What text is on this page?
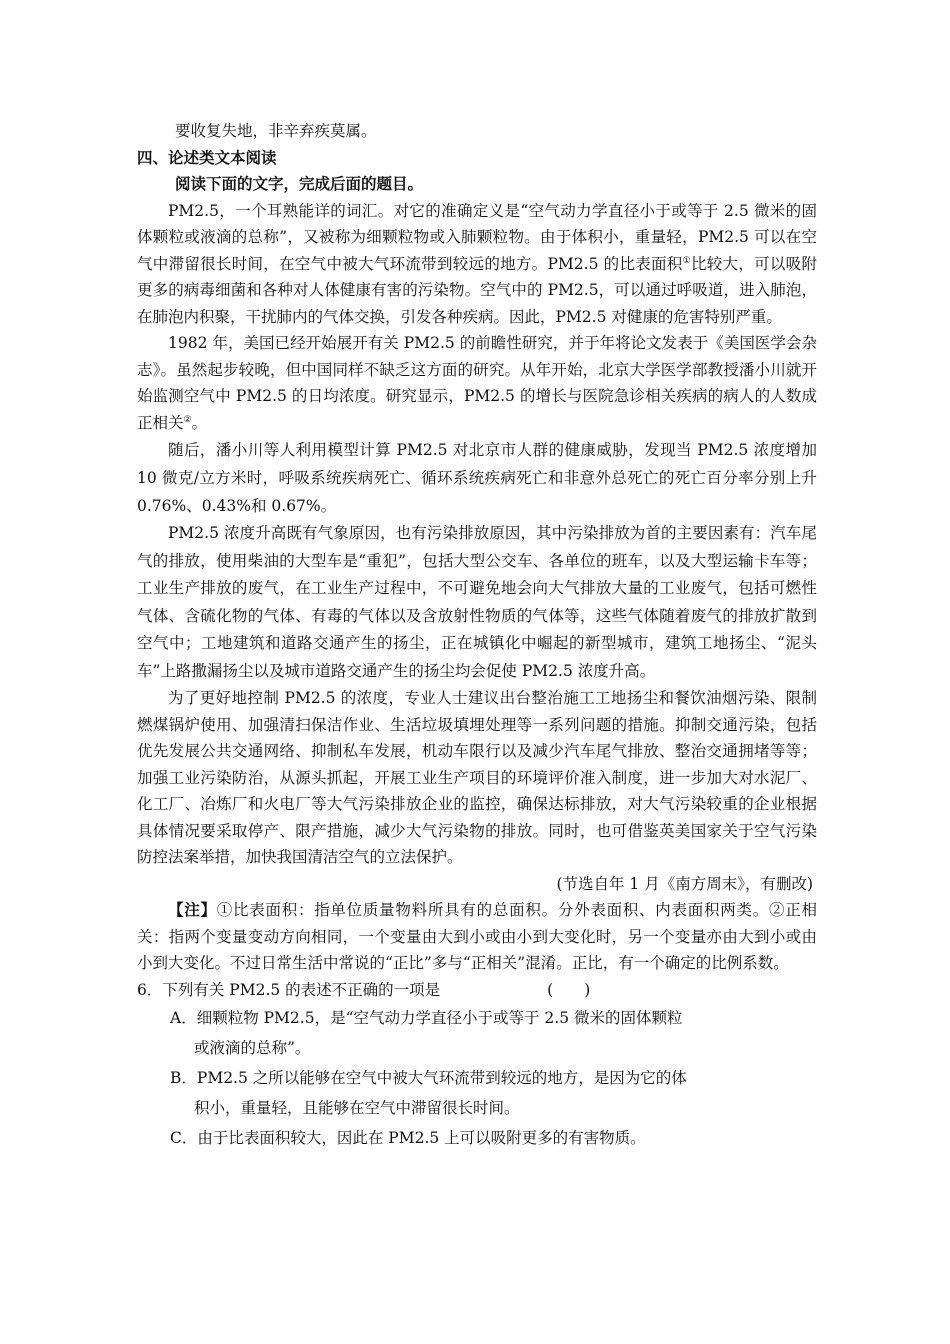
要收复失地，非辛弃疾莫属。

四、论述类文本阅读

阅读下面的文字，完成后面的题目。

PM2.5，一个耳熟能详的词汇。对它的准确定义是“空气动力学直径小于或等于 2.5 微米的固体颗粒或液滴的总称”，又被称为细颗粒物或入肺颗粒物。由于体积小，重量轻，PM2.5 可以在空气中滞留很长时间，在空气中被大气环流带到较远的地方。PM2.5 的比表面积①比较大，可以吸附更多的病毒细菌和各种对人体健康有害的污染物。空气中的 PM2.5，可以通过呼吸道，进入肺泡，在肺泡内积聚，干扰肺内的气体交换，引发各种疾病。因此，PM2.5 对健康的危害特别严重。

1982 年，美国已经开始展开有关 PM2.5 的前瞻性研究，并于年将论文发表于《美国医学会杂志》。虽然起步较晚，但中国同样不缺乏这方面的研究。从年开始，北京大学医学部教授潘小川就开始监测空气中 PM2.5 的日均浓度。研究显示，PM2.5 的增长与医院急诊相关疾病的病人的人数成正相关②。

随后，潘小川等人利用模型计算 PM2.5 对北京市人群的健康威胁，发现当 PM2.5 浓度增加 10 微克/立方米时，呼吸系统疾病死亡、循环系统疾病死亡和非意外总死亡的死亡百分率分别上升 0.76%、0.43%和 0.67%。

PM2.5 浓度升高既有气象原因，也有污染排放原因，其中污染排放为首的主要因素有：汽车尾气的排放，使用柴油的大型车是“重犯”，包括大型公交车、各单位的班车，以及大型运输卡车等；工业生产排放的废气，在工业生产过程中，不可避免地会向大气排放大量的工业废气，包括可燃性气体、含硫化物的气体、有毒的气体以及含放射性物质的气体等，这些气体随着废气的排放扩散到空气中；工地建筑和道路交通产生的扬尘，正在城镇化中崛起的新型城市，建筑工地扬尘、“泥头车”上路撒漏扬尘以及城市道路交通产生的扬尘均会促使 PM2.5 浓度升高。

为了更好地控制 PM2.5 的浓度，专业人士建议出台整治施工工地扬尘和餐饮油烟污染、限制燃煤锅炉使用、加强清扫保洁作业、生活垃圾填埋处理等一系列问题的措施。抑制交通污染，包括优先发展公共交通网络、抑制私车发展，机动车限行以及减少汽车尾气排放、整治交通拥堵等等；加强工业污染防治，从源头抓起，开展工业生产项目的环境评价准入制度，进一步加大对水泥厂、化工厂、冶炼厂和火电厂等大气污染排放企业的监控，确保达标排放，对大气污染较重的企业根据具体情况要采取停产、限产措施，减少大气污染物的排放。同时，也可借鉴英美国家关于空气污染防控法案举措，加快我国清洁空气的立法保护。

(节选自年 1 月《南方周末》，有删改)

【注】①比表面积：指单位质量物料所具有的总面积。分外表面积、内表面积两类。②正相关：指两个变量变动方向相同，一个变量由大到小或由小到大变化时，另一个变量亦由大到小或由小到大变化。不过日常生活中常说的“正比”多与“正相关”混淆。正比，有一个确定的比例系数。

6．下列有关 PM2.5 的表述不正确的一项是	(　　)

A．细颗粒物 PM2.5，是“空气动力学直径小于或等于 2.5 微米的固体颗粒
或液滴的总称”。
B．PM2.5 之所以能够在空气中被大气环流带到较远的地方，是因为它的体
积小，重量轻，且能够在空气中滞留很长时间。
C．由于比表面积较大，因此在 PM2.5 上可以吸附更多的有害物质。
